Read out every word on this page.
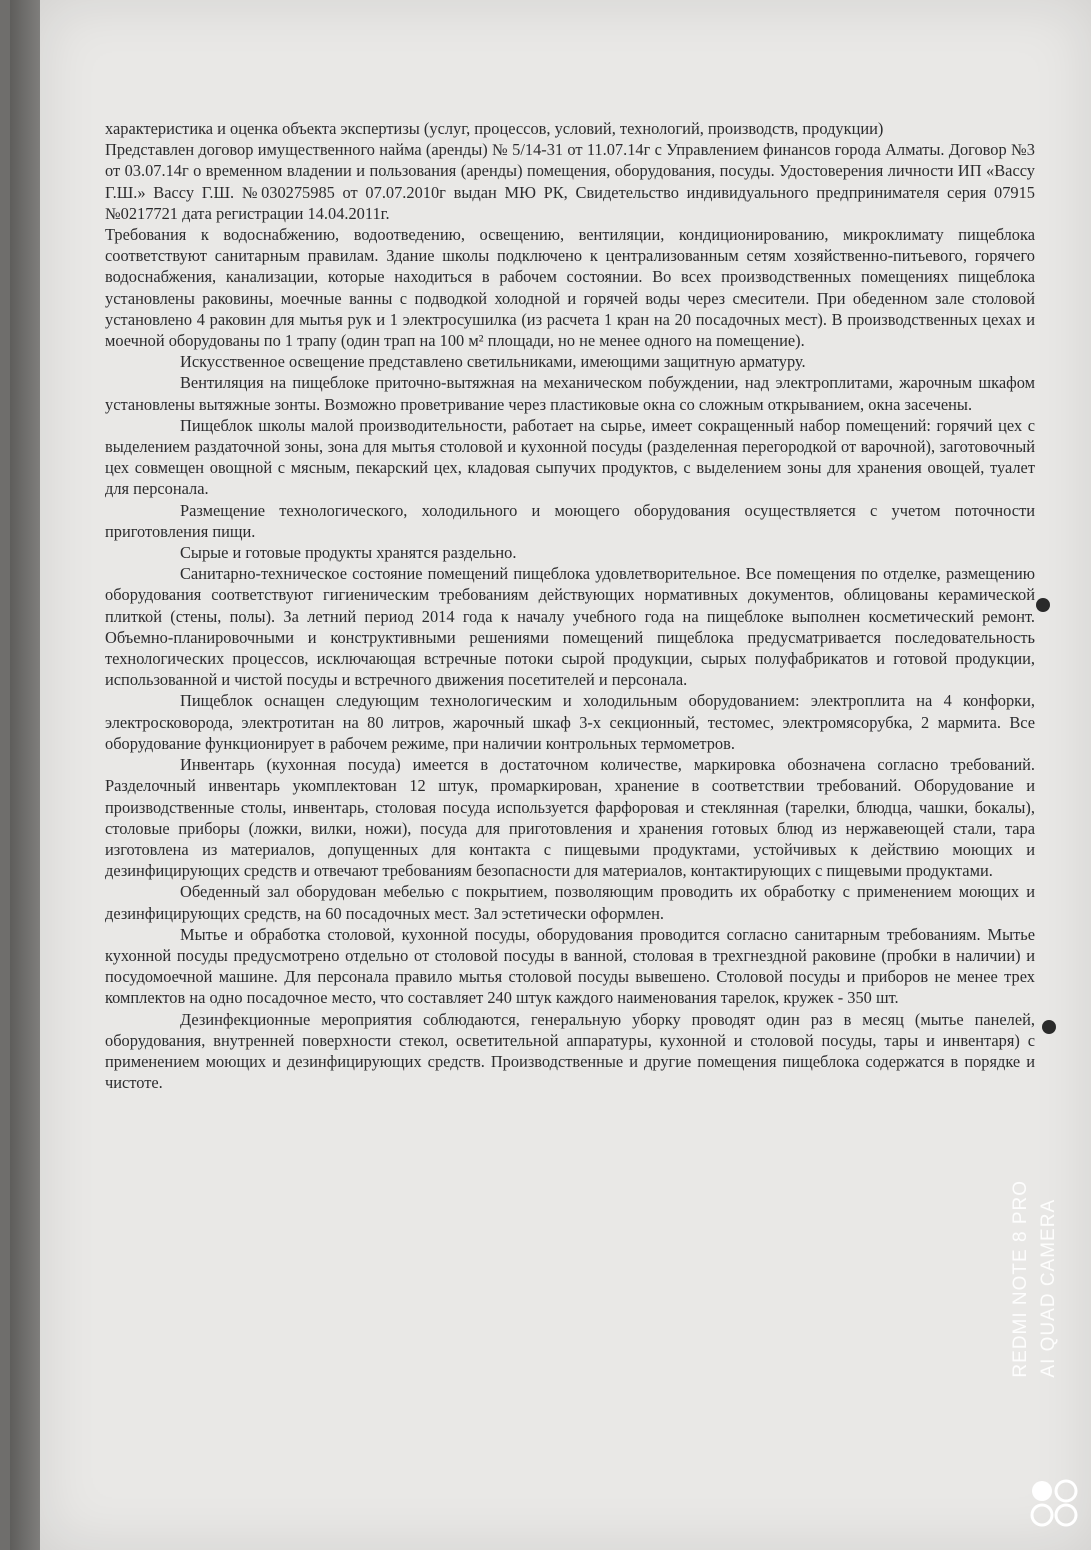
характеристика и оценка объекта экспертизы (услуг, процессов, условий, технологий, производств, продукции)

Представлен договор имущественного найма (аренды) № 5/14-31 от 11.07.14г с Управлением финансов города Алматы. Договор №3 от 03.07.14г о временном владении и пользования (аренды) помещения, оборудования, посуды. Удостоверения личности ИП «Вассу Г.Ш.» Вассу Г.Ш. №030275985 от 07.07.2010г выдан МЮ РК, Свидетельство индивидуального предпринимателя серия 07915 №0217721 дата регистрации 14.04.2011г.

Требования к водоснабжению, водоотведению, освещению, вентиляции, кондиционированию, микроклимату пищеблока соответствуют санитарным правилам. Здание школы подключено к централизованным сетям хозяйственно-питьевого, горячего водоснабжения, канализации, которые находиться в рабочем состоянии. Во всех производственных помещениях пищеблока установлены раковины, моечные ванны с подводкой холодной и горячей воды через смесители. При обеденном зале столовой установлено 4 раковин для мытья рук и 1 электросушилка (из расчета 1 кран на 20 посадочных мест). В производственных цехах и моечной оборудованы по 1 трапу (один трап на 100 м² площади, но не менее одного на помещение).

Искусственное освещение представлено светильниками, имеющими защитную арматуру.

Вентиляция на пищеблоке приточно-вытяжная на механическом побуждении, над электроплитами, жарочным шкафом установлены вытяжные зонты. Возможно проветривание через пластиковые окна со сложным открыванием, окна засечены.

Пищеблок школы малой производительности, работает на сырье, имеет сокращенный набор помещений: горячий цех с выделением раздаточной зоны, зона для мытья столовой и кухонной посуды (разделенная перегородкой от варочной), заготовочный цех совмещен овощной с мясным, пекарский цех, кладовая сыпучих продуктов, с выделением зоны для хранения овощей, туалет для персонала.

Размещение технологического, холодильного и моющего оборудования осуществляется с учетом поточности приготовления пищи.

Сырые и готовые продукты хранятся раздельно.

Санитарно-техническое состояние помещений пищеблока удовлетворительное. Все помещения по отделке, размещению оборудования соответствуют гигиеническим требованиям действующих нормативных документов, облицованы керамической плиткой (стены, полы). За летний период 2014 года к началу учебного года на пищеблоке выполнен косметический ремонт. Объемно-планировочными и конструктивными решениями помещений пищеблока предусматривается последовательность технологических процессов, исключающая встречные потоки сырой продукции, сырых полуфабрикатов и готовой продукции, использованной и чистой посуды и встречного движения посетителей и персонала.

Пищеблок оснащен следующим технологическим и холодильным оборудованием: электроплита на 4 конфорки, электросковорода, электротитан на 80 литров, жарочный шкаф 3-х секционный, тестомес, электромясорубка, 2 мармита. Все оборудование функционирует в рабочем режиме, при наличии контрольных термометров.

Инвентарь (кухонная посуда) имеется в достаточном количестве, маркировка обозначена согласно требований. Разделочный инвентарь укомплектован 12 штук, промаркирован, хранение в соответствии требований. Оборудование и производственные столы, инвентарь, столовая посуда используется фарфоровая и стеклянная (тарелки, блюдца, чашки, бокалы), столовые приборы (ложки, вилки, ножи), посуда для приготовления и хранения готовых блюд из нержавеющей стали, тара изготовлена из материалов, допущенных для контакта с пищевыми продуктами, устойчивых к действию моющих и дезинфицирующих средств и отвечают требованиям безопасности для материалов, контактирующих с пищевыми продуктами.

Обеденный зал оборудован мебелью с покрытием, позволяющим проводить их обработку с применением моющих и дезинфицирующих средств, на 60 посадочных мест. Зал эстетически оформлен.

Мытье и обработка столовой, кухонной посуды, оборудования проводится согласно санитарным требованиям. Мытье кухонной посуды предусмотрено отдельно от столовой посуды в ванной, столовая в трехгнездной раковине (пробки в наличии) и посудомоечной машине. Для персонала правило мытья столовой посуды вывешено. Столовой посуды и приборов не менее трех комплектов на одно посадочное место, что составляет 240 штук каждого наименования тарелок, кружек - 350 шт.

Дезинфекционные мероприятия соблюдаются, генеральную уборку проводят один раз в месяц (мытье панелей, оборудования, внутренней поверхности стекол, осветительной аппаратуры, кухонной и столовой посуды, тары и инвентаря) с применением моющих и дезинфицирующих средств. Производственные и другие помещения пищеблока содержатся в порядке и чистоте.

REDMI NOTE 8 PRO AI QUAD CAMERA
